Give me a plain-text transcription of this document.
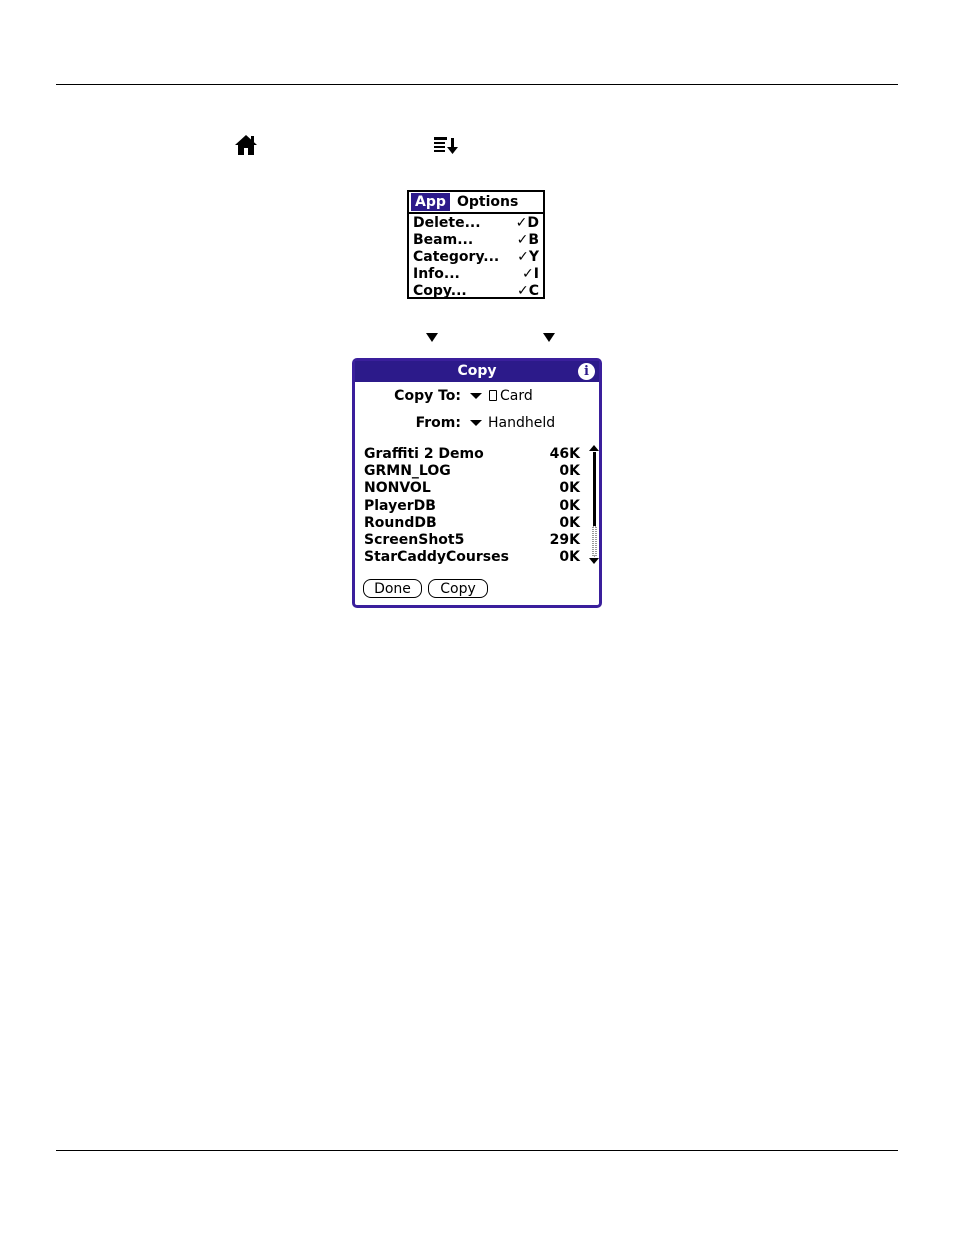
App Options
Delete...	✓D
Beam...	✓B
Category... ✓Y
Info...	✓I
Copy...	✓C
Copy	i
Copy To:	Card
From: Handheld
Graffiti 2 Demo	46K
GRMN_LOG	0K
NONVOL	0K
PlayerDB	0K
RoundDB	0K
ScreenShot5	29K
StarCaddyCourses	0K
Done	Copy
